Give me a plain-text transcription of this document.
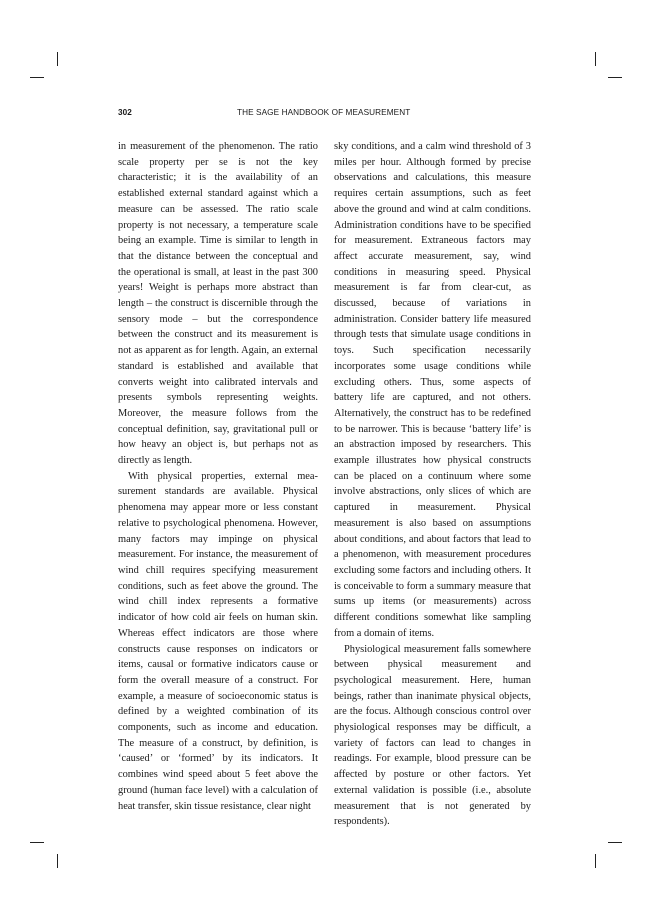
302	THE SAGE HANDBOOK OF MEASUREMENT

in measurement of the phenomenon. The ratio scale property per se is not the key characteristic; it is the availability of an established external standard against which a measure can be assessed. The ratio scale property is not necessary, a temperature scale being an example. Time is similar to length in that the distance between the conceptual and the operational is small, at least in the past 300 years! Weight is perhaps more abstract than length – the construct is discernible through the sensory mode – but the correspondence between the construct and its measurement is not as apparent as for length. Again, an external standard is established and available that converts weight into calibrated intervals and presents symbols representing weights. Moreover, the measure follows from the conceptual definition, say, gravitational pull or how heavy an object is, but perhaps not as directly as length.

With physical properties, external measurement standards are available. Physical phenomena may appear more or less constant relative to psychological phenomena. However, many factors may impinge on physical measurement. For instance, the measurement of wind chill requires specifying measurement conditions, such as feet above the ground. The wind chill index represents a formative indicator of how cold air feels on human skin. Whereas effect indicators are those where constructs cause responses on indicators or items, causal or formative indicators cause or form the overall measure of a construct. For example, a measure of socioeconomic status is defined by a weighted combination of its components, such as income and education. The measure of a construct, by definition, is ‘caused’ or ‘formed’ by its indicators. It combines wind speed about 5 feet above the ground (human face level) with a calculation of heat transfer, skin tissue resistance, clear night

sky conditions, and a calm wind threshold of 3 miles per hour. Although formed by precise observations and calculations, this measure requires certain assumptions, such as feet above the ground and wind at calm conditions. Administration conditions have to be specified for measurement. Extraneous factors may affect accurate measurement, say, wind conditions in measuring speed. Physical measurement is far from clear-cut, as discussed, because of variations in administration. Consider battery life measured through tests that simulate usage conditions in toys. Such specification necessarily incorporates some usage conditions while excluding others. Thus, some aspects of battery life are captured, and not others. Alternatively, the construct has to be redefined to be narrower. This is because ‘battery life’ is an abstraction imposed by researchers. This example illustrates how physical constructs can be placed on a continuum where some involve abstractions, only slices of which are captured in measurement. Physical measurement is also based on assumptions about conditions, and about factors that lead to a phenomenon, with measurement procedures excluding some factors and including others. It is conceivable to form a summary measure that sums up items (or measurements) across different conditions somewhat like sampling from a domain of items.

Physiological measurement falls somewhere between physical measurement and psychological measurement. Here, human beings, rather than inanimate physical objects, are the focus. Although conscious control over physiological responses may be difficult, a variety of factors can lead to changes in readings. For example, blood pressure can be affected by posture or other factors. Yet external validation is possible (i.e., absolute measurement that is not generated by respondents).
